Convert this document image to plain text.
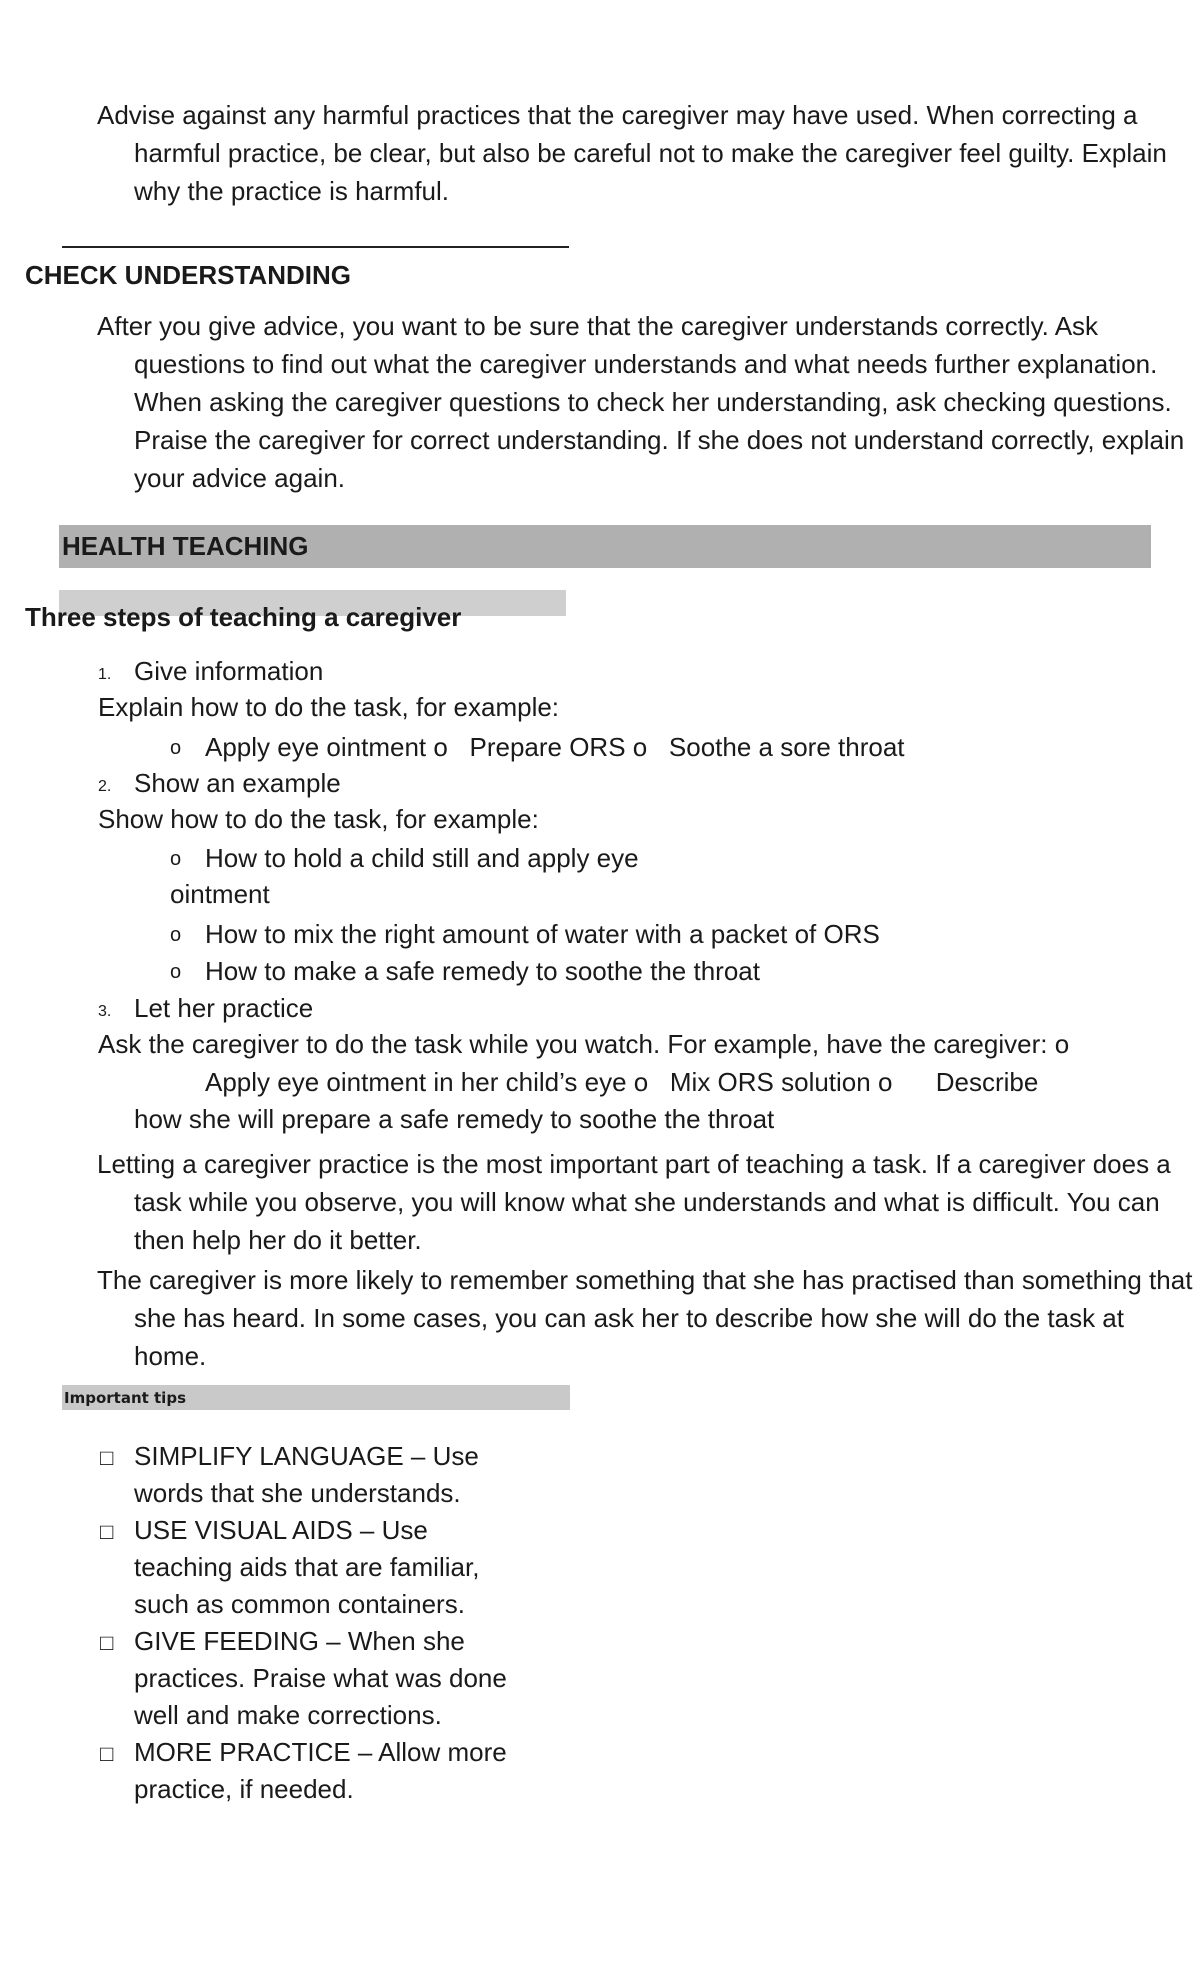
Advise against any harmful practices that the caregiver may have used. When correcting a harmful practice, be clear, but also be careful not to make the caregiver feel guilty. Explain why the practice is harmful.
CHECK UNDERSTANDING
After you give advice, you want to be sure that the caregiver understands correctly. Ask questions to find out what the caregiver understands and what needs further explanation. When asking the caregiver questions to check her understanding, ask checking questions. Praise the caregiver for correct understanding. If she does not understand correctly, explain your advice again.
HEALTH TEACHING
Three steps of teaching a caregiver
1. Give information
Explain how to do the task, for example:
o Apply eye ointment o   Prepare ORS o   Soothe a sore throat
2. Show an example
Show how to do the task, for example:
o How to hold a child still and apply eye
ointment
o How to mix the right amount of water with a packet of ORS
o How to make a safe remedy to soothe the throat
3. Let her practice
Ask the caregiver to do the task while you watch. For example, have the caregiver: o
Apply eye ointment in her child’s eye o   Mix ORS solution o      Describe
how she will prepare a safe remedy to soothe the throat
Letting a caregiver practice is the most important part of teaching a task. If a caregiver does a task while you observe, you will know what she understands and what is difficult. You can then help her do it better.
The caregiver is more likely to remember something that she has practised than something that she has heard. In some cases, you can ask her to describe how she will do the task at home.
Important tips
□ SIMPLIFY LANGUAGE – Use
words that she understands.
□ USE VISUAL AIDS – Use
teaching aids that are familiar,
such as common containers.
□ GIVE FEEDING – When she
practices. Praise what was done
well and make corrections.
□ MORE PRACTICE – Allow more
practice, if needed.
